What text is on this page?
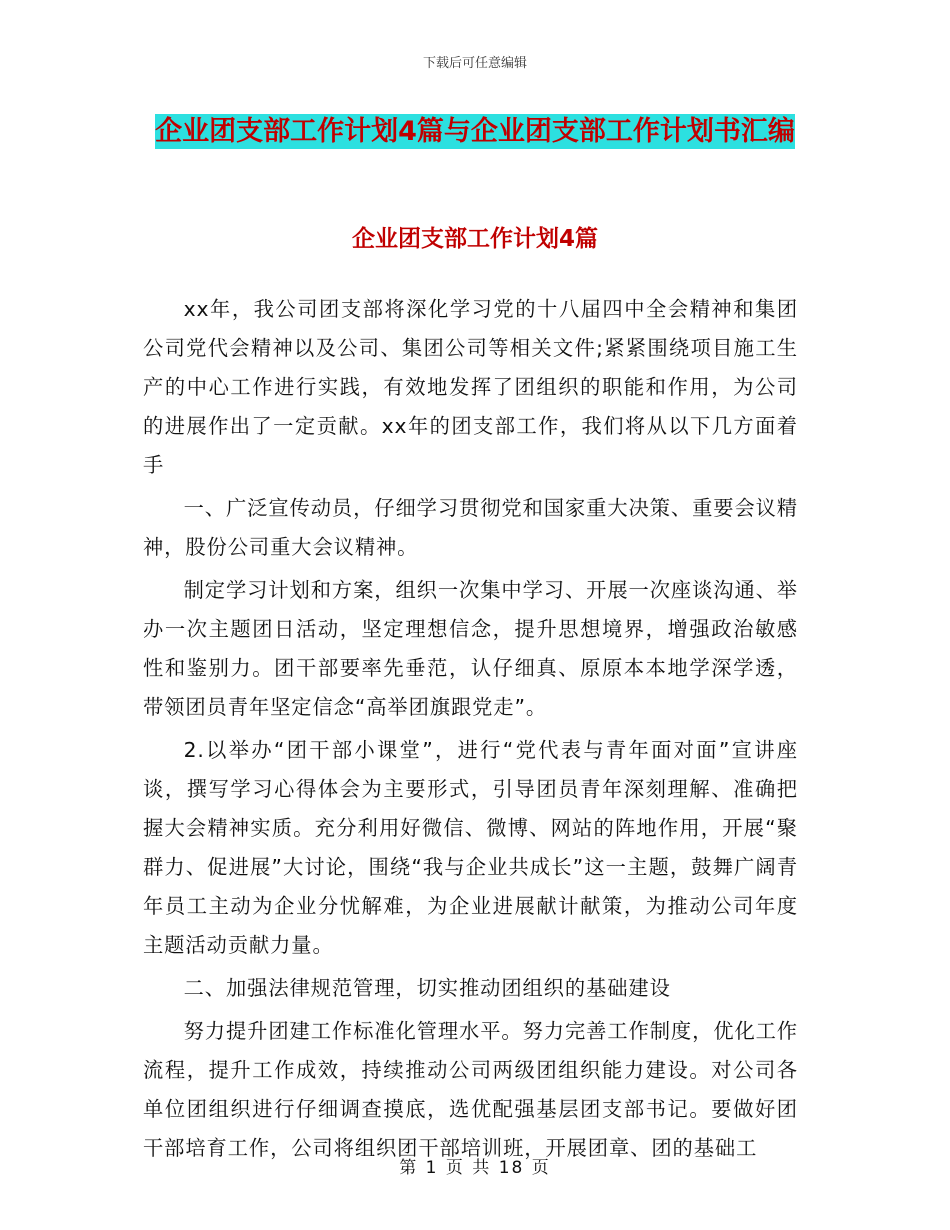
下载后可任意编辑
企业团支部工作计划4篇与企业团支部工作计划书汇编
企业团支部工作计划4篇

xx年，我公司团支部将深化学习党的十八届四中全会精神和集团公司党代会精神以及公司、集团公司等相关文件;紧紧围绕项目施工生产的中心工作进行实践，有效地发挥了团组织的职能和作用，为公司的进展作出了一定贡献。xx年的团支部工作，我们将从以下几方面着手

一、广泛宣传动员，仔细学习贯彻党和国家重大决策、重要会议精神，股份公司重大会议精神。

制定学习计划和方案，组织一次集中学习、开展一次座谈沟通、举办一次主题团日活动，坚定理想信念，提升思想境界，增强政治敏感性和鉴别力。团干部要率先垂范，认仔细真、原原本本地学深学透，带领团员青年坚定信念“高举团旗跟党走”。

2.以举办“团干部小课堂”，进行“党代表与青年面对面”宣讲座谈，撰写学习心得体会为主要形式，引导团员青年深刻理解、准确把握大会精神实质。充分利用好微信、微博、网站的阵地作用，开展“聚群力、促进展”大讨论，围绕“我与企业共成长”这一主题，鼓舞广阔青年员工主动为企业分忧解难，为企业进展献计献策，为推动公司年度主题活动贡献力量。

二、加强法律规范管理，切实推动团组织的基础建设

努力提升团建工作标准化管理水平。努力完善工作制度，优化工作流程，提升工作成效，持续推动公司两级团组织能力建设。对公司各单位团组织进行仔细调查摸底，选优配强基层团支部书记。要做好团干部培育工作，公司将组织团干部培训班，开展团章、团的基础工

第 1 页 共 18 页
